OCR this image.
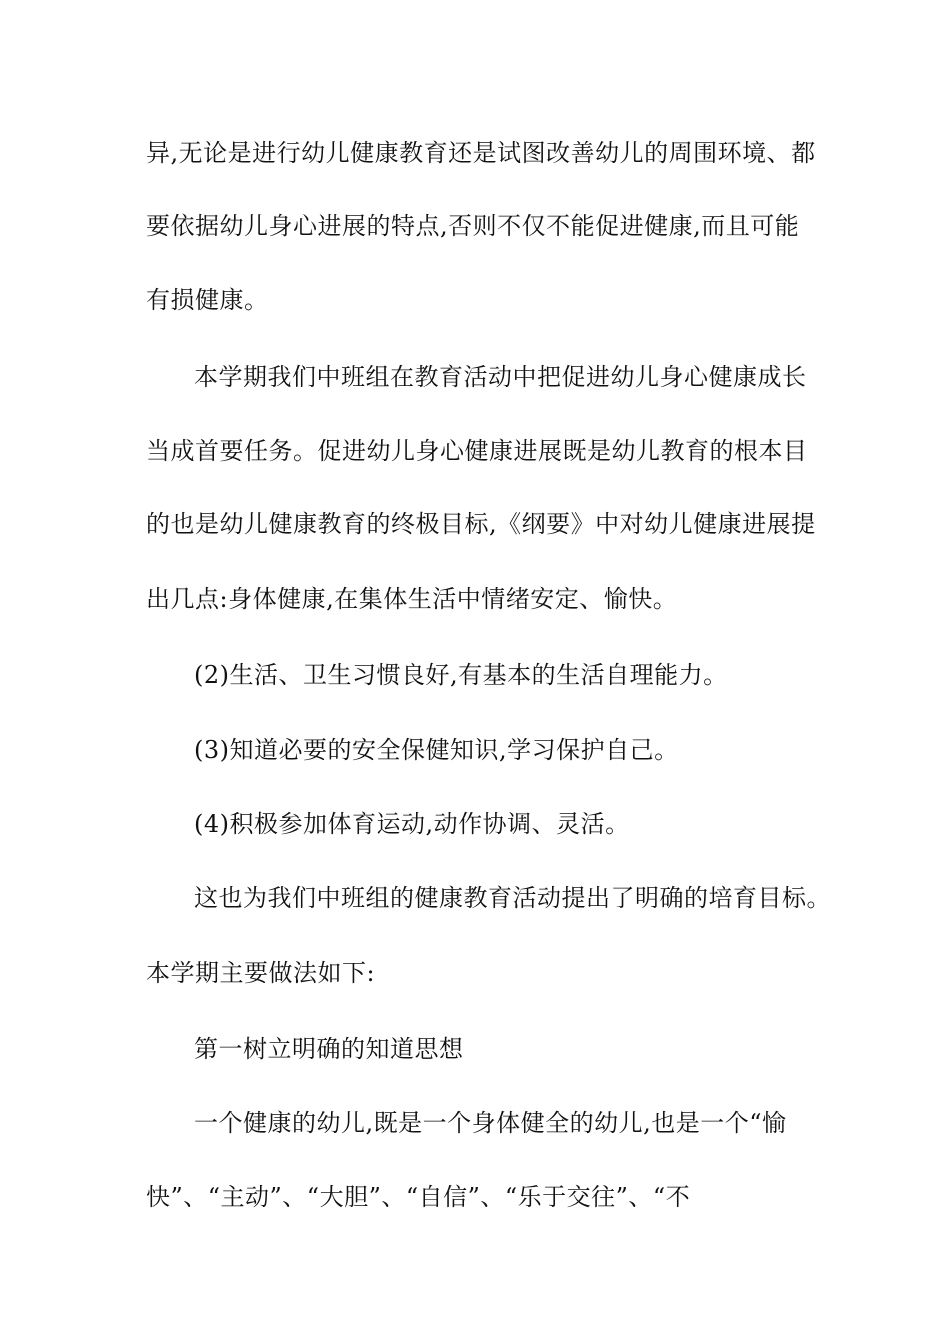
异,无论是进行幼儿健康教育还是试图改善幼儿的周围环境、都
要依据幼儿身心进展的特点,否则不仅不能促进健康,而且可能
有损健康。
本学期我们中班组在教育活动中把促进幼儿身心健康成长
当成首要任务。促进幼儿身心健康进展既是幼儿教育的根本目
的也是幼儿健康教育的终极目标,《纲要》中对幼儿健康进展提
出几点:身体健康,在集体生活中情绪安定、愉快。
(2)生活、卫生习惯良好,有基本的生活自理能力。
(3)知道必要的安全保健知识,学习保护自己。
(4)积极参加体育运动,动作协调、灵活。
这也为我们中班组的健康教育活动提出了明确的培育目标。
本学期主要做法如下:
第一树立明确的知道思想
一个健康的幼儿,既是一个身体健全的幼儿,也是一个“愉
快”、“主动”、“大胆”、“自信”、“乐于交往”、“不
